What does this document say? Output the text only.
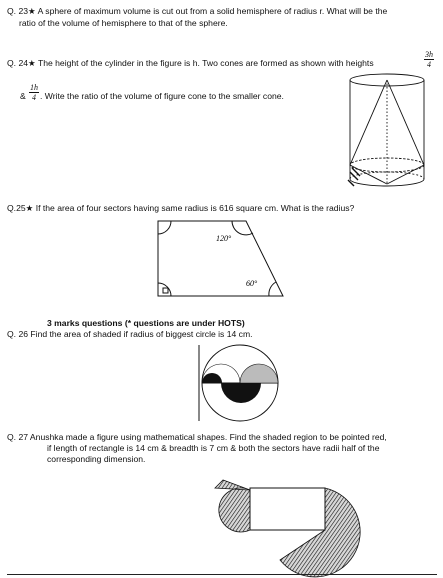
Q. 23★ A sphere of maximum volume is cut out from a solid hemisphere of radius r. What will be the
ratio of the volume of hemisphere to that of the sphere.
Q. 24★ The height of the cylinder in the figure is h. Two cones are formed as shown with heights
3h
4
&
1h
4 . Write the ratio of the volume of figure cone to the smaller cone.
Q.25★ If the area of four sectors having same radius is 616 square cm. What is the radius?
120°
60°
3 marks questions (* questions are under HOTS)
Q. 26 Find the area of shaded if radius of biggest circle is 14 cm.
Q. 27 Anushka made a figure using mathematical shapes. Find the shaded region to be pointed red,
if length of rectangle is 14 cm & breadth is 7 cm & both the sectors have radii half of the
corresponding dimension.
